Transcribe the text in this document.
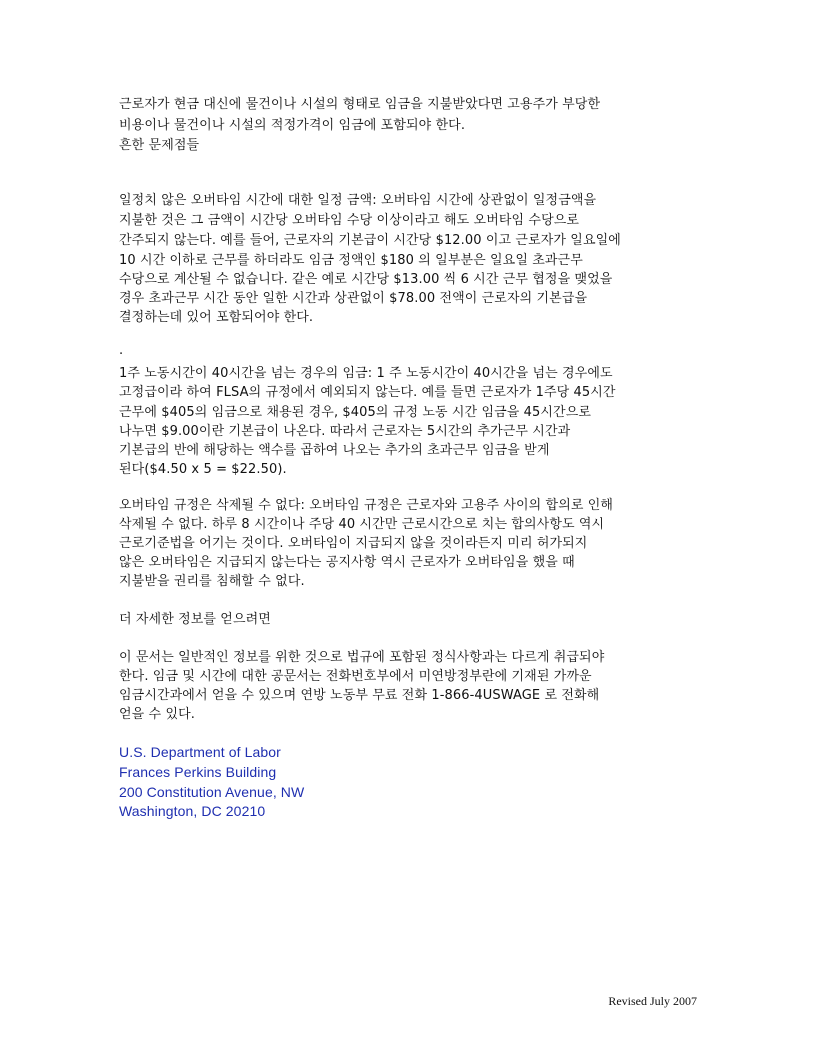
근로자가 현금 대신에 물건이나 시설의 형태로 임금을 지불받았다면 고용주가 부당한
비용이나 물건이나 시설의 적정가격이 임금에 포함되야 한다.
흔한 문제점들
일정치 않은 오버타임 시간에 대한 일정 금액: 오버타임 시간에 상관없이 일정금액을
지불한 것은 그 금액이 시간당 오버타임 수당 이상이라고 해도 오버타임 수당으로
간주되지 않는다. 예를 들어, 근로자의 기본급이 시간당 $12.00 이고 근로자가 일요일에
10 시간 이하로 근무를 하더라도 임금 정액인 $180 의 일부분은 일요일 초과근무
수당으로 계산될 수 없습니다. 같은 예로 시간당 $13.00 씩 6 시간 근무 협정을 맺었을
경우 초과근무 시간 동안 일한 시간과 상관없이 $78.00 전액이 근로자의 기본급을
결정하는데 있어 포함되어야 한다.
.
1주 노동시간이 40시간을 넘는 경우의 임금: 1 주 노동시간이 40시간을 넘는 경우에도
고정급이라 하여 FLSA의 규정에서 예외되지 않는다. 예를 들면 근로자가 1주당 45시간
근무에 $405의 임금으로 채용된 경우, $405의 규정 노동 시간 임금을 45시간으로
나누면 $9.00이란 기본급이 나온다. 따라서 근로자는 5시간의 추가근무 시간과
기본급의 반에 해당하는 액수를 곱하여 나오는 추가의 초과근무 임금을 받게
된다($4.50 x 5 = $22.50).
오버타임 규정은 삭제될 수 없다: 오버타임 규정은 근로자와 고용주 사이의 합의로 인해
삭제될 수 없다. 하루 8 시간이나 주당 40 시간만 근로시간으로 치는 합의사항도 역시
근로기준법을 어기는 것이다. 오버타임이 지급되지 않을 것이라든지 미리 허가되지
않은 오버타임은 지급되지 않는다는 공지사항 역시 근로자가 오버타임을 했을 때
지불받을 권리를 침해할 수 없다.
더 자세한 정보를 얻으려면
이 문서는 일반적인 정보를 위한 것으로 법규에 포함된 정식사항과는 다르게 취급되야
한다. 임금 및 시간에 대한 공문서는 전화번호부에서 미연방정부란에 기재된 가까운
임금시간과에서 얻을 수 있으며 연방 노동부 무료 전화 1-866-4USWAGE 로 전화해
얻을 수 있다.
U.S. Department of Labor
Frances Perkins Building
200 Constitution Avenue, NW
Washington, DC 20210
Revised July 2007
